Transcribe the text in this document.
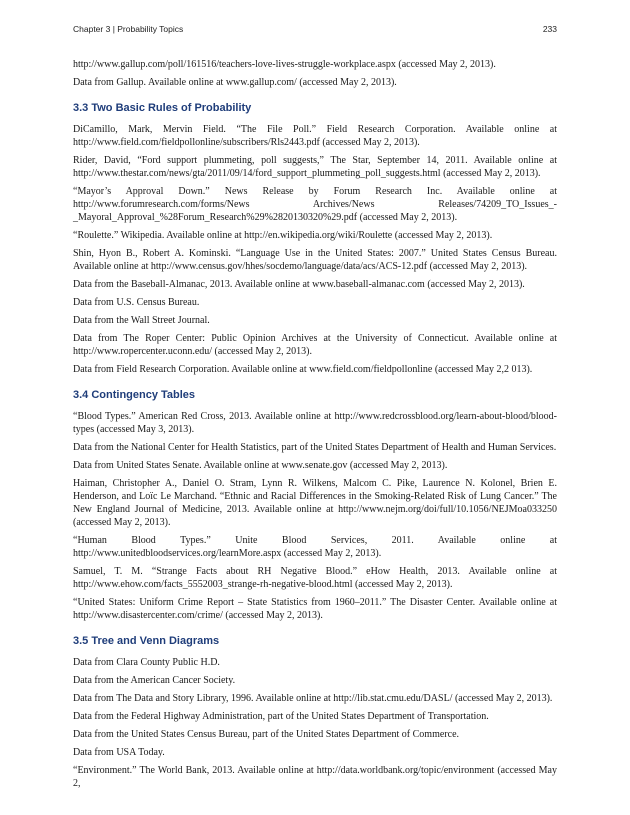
Chapter 3 | Probability Topics	233

http://www.gallup.com/poll/161516/teachers-love-lives-struggle-workplace.aspx (accessed May 2, 2013).

Data from Gallup. Available online at www.gallup.com/ (accessed May 2, 2013).

3.3 Two Basic Rules of Probability

DiCamillo, Mark, Mervin Field. “The File Poll.” Field Research Corporation. Available online at http://www.field.com/fieldpollonline/subscribers/Rls2443.pdf (accessed May 2, 2013).

Rider, David, “Ford support plummeting, poll suggests,” The Star, September 14, 2011. Available online at http://www.thestar.com/news/gta/2011/09/14/ford_support_plummeting_poll_suggests.html (accessed May 2, 2013).

“Mayor’s Approval Down.” News Release by Forum Research Inc. Available online at http://www.forumresearch.com/forms/News Archives/News Releases/74209_TO_Issues_-_Mayoral_Approval_%28Forum_Research%29%2820130320%29.pdf (accessed May 2, 2013).

“Roulette.” Wikipedia. Available online at http://en.wikipedia.org/wiki/Roulette (accessed May 2, 2013).

Shin, Hyon B., Robert A. Kominski. “Language Use in the United States: 2007.” United States Census Bureau. Available online at http://www.census.gov/hhes/socdemo/language/data/acs/ACS-12.pdf (accessed May 2, 2013).

Data from the Baseball-Almanac, 2013. Available online at www.baseball-almanac.com (accessed May 2, 2013).

Data from U.S. Census Bureau.

Data from the Wall Street Journal.

Data from The Roper Center: Public Opinion Archives at the University of Connecticut. Available online at http://www.ropercenter.uconn.edu/ (accessed May 2, 2013).

Data from Field Research Corporation. Available online at www.field.com/fieldpollonline (accessed May 2,2 013).

3.4 Contingency Tables

“Blood Types.” American Red Cross, 2013. Available online at http://www.redcrossblood.org/learn-about-blood/blood-types (accessed May 3, 2013).

Data from the National Center for Health Statistics, part of the United States Department of Health and Human Services.

Data from United States Senate. Available online at www.senate.gov (accessed May 2, 2013).

Haiman, Christopher A., Daniel O. Stram, Lynn R. Wilkens, Malcom C. Pike, Laurence N. Kolonel, Brien E. Henderson, and Loïc Le Marchand. “Ethnic and Racial Differences in the Smoking-Related Risk of Lung Cancer.” The New England Journal of Medicine, 2013. Available online at http://www.nejm.org/doi/full/10.1056/NEJMoa033250 (accessed May 2, 2013).

“Human Blood Types.” Unite Blood Services, 2011. Available online at http://www.unitedbloodservices.org/learnMore.aspx (accessed May 2, 2013).

Samuel, T. M. “Strange Facts about RH Negative Blood.” eHow Health, 2013. Available online at http://www.ehow.com/facts_5552003_strange-rh-negative-blood.html (accessed May 2, 2013).

“United States: Uniform Crime Report – State Statistics from 1960–2011.” The Disaster Center. Available online at http://www.disastercenter.com/crime/ (accessed May 2, 2013).

3.5 Tree and Venn Diagrams

Data from Clara County Public H.D.

Data from the American Cancer Society.

Data from The Data and Story Library, 1996. Available online at http://lib.stat.cmu.edu/DASL/ (accessed May 2, 2013).

Data from the Federal Highway Administration, part of the United States Department of Transportation.

Data from the United States Census Bureau, part of the United States Department of Commerce.

Data from USA Today.

“Environment.” The World Bank, 2013. Available online at http://data.worldbank.org/topic/environment (accessed May 2,
